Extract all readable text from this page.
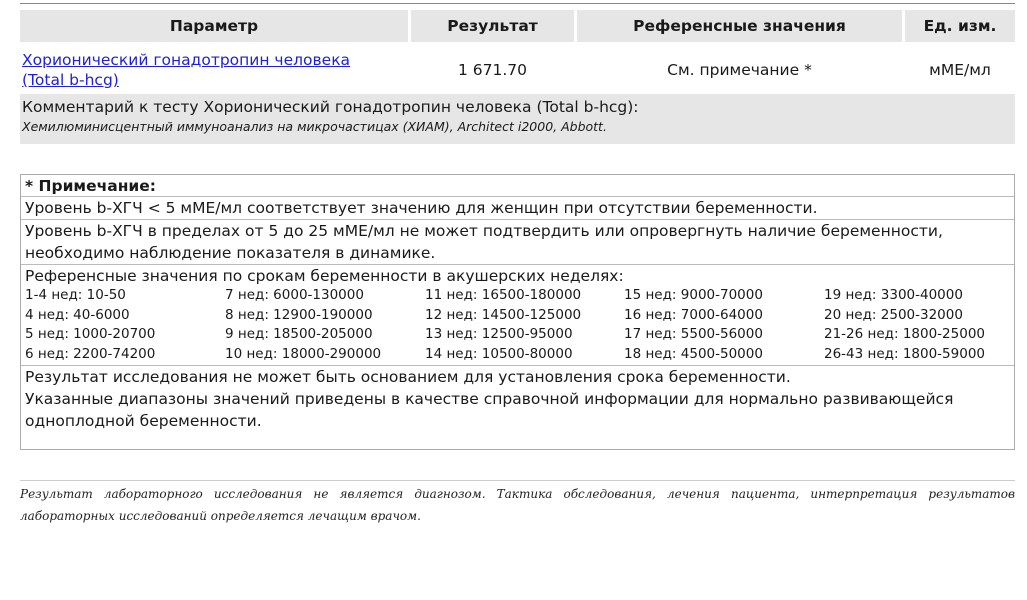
Параметр	Результат	Референсные значения	Ед. изм.
Хорионический гонадотропин человека
(Total b-hcg)
1 671.70	См. примечание *	мМЕ/мл
Комментарий к тесту Хорионический гонадотропин человека (Total b-hcg):
Хемилюминисцентный иммуноанализ на микрочастицах (ХИАМ), Architect i2000, Abbott.
* Примечание:
Уровень b-ХГЧ < 5 мМЕ/мл соответствует значению для женщин при отсутствии беременности.
Уровень b-ХГЧ в пределах от 5 до 25 мМЕ/мл не может подтвердить или опровергнуть наличие беременности,
необходимо наблюдение показателя в динамике.
Референсные значения по срокам беременности в акушерских неделях:
1-4 нед: 10-50	7 нед: 6000-130000	11 нед: 16500-180000	15 нед: 9000-70000	19 нед: 3300-40000
4 нед: 40-6000	8 нед: 12900-190000	12 нед: 14500-125000	16 нед: 7000-64000	20 нед: 2500-32000
5 нед: 1000-20700	9 нед: 18500-205000	13 нед: 12500-95000	17 нед: 5500-56000	21-26 нед: 1800-25000
6 нед: 2200-74200	10 нед: 18000-290000	14 нед: 10500-80000	18 нед: 4500-50000	26-43 нед: 1800-59000
Результат исследования не может быть основанием для установления срока беременности.
Указанные диапазоны значений приведены в качестве справочной информации для нормально развивающейся
одноплодной беременности.
Результат лабораторного исследования не является диагнозом. Тактика обследования, лечения пациента, интерпретация результатов лабораторных исследований определяется лечащим врачом.
